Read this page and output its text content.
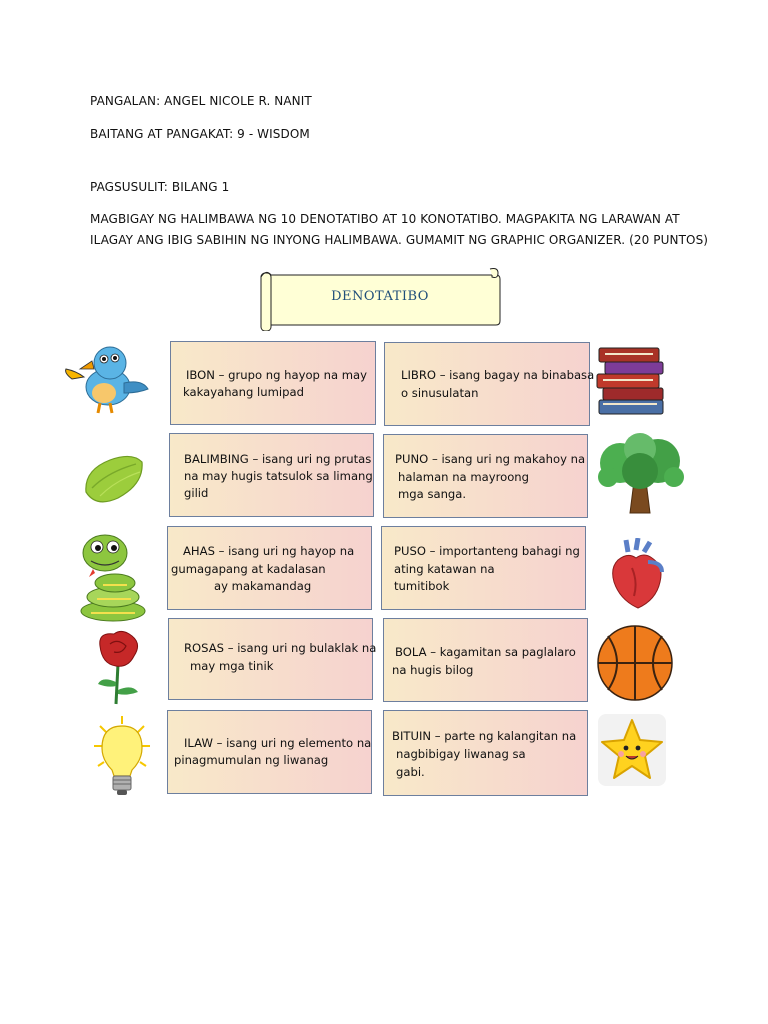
PANGALAN: ANGEL NICOLE R. NANIT
BAITANG AT PANGAKAT: 9 - WISDOM
PAGSUSULIT: BILANG 1
MAGBIGAY NG HALIMBAWA NG 10 DENOTATIBO AT 10 KONOTATIBO. MAGPAKITA NG LARAWAN AT
ILAGAY ANG IBIG SABIHIN NG INYONG HALIMBAWA. GUMAMIT NG GRAPHIC ORGANIZER. (20 PUNTOS)
DENOTATIBO
IBON – grupo ng hayop na may
kakayahang lumipad
BALIMBING – isang uri ng prutas
na may hugis tatsulok sa limang
gilid
AHAS – isang uri ng hayop na
gumagapang at kadalasan
ay makamandag
ROSAS – isang uri ng bulaklak na
may mga tinik
ILAW – isang uri ng elemento na
pinagmumulan ng liwanag
LIBRO – isang bagay na binabasa
o sinusulatan
PUNO – isang uri ng makahoy na
halaman na mayroong
mga sanga.
PUSO – importanteng bahagi ng
ating katawan na
tumitibok
BOLA – kagamitan sa paglalaro
na hugis bilog
BITUIN – parte ng kalangitan na
nagbibigay liwanag sa
gabi.
